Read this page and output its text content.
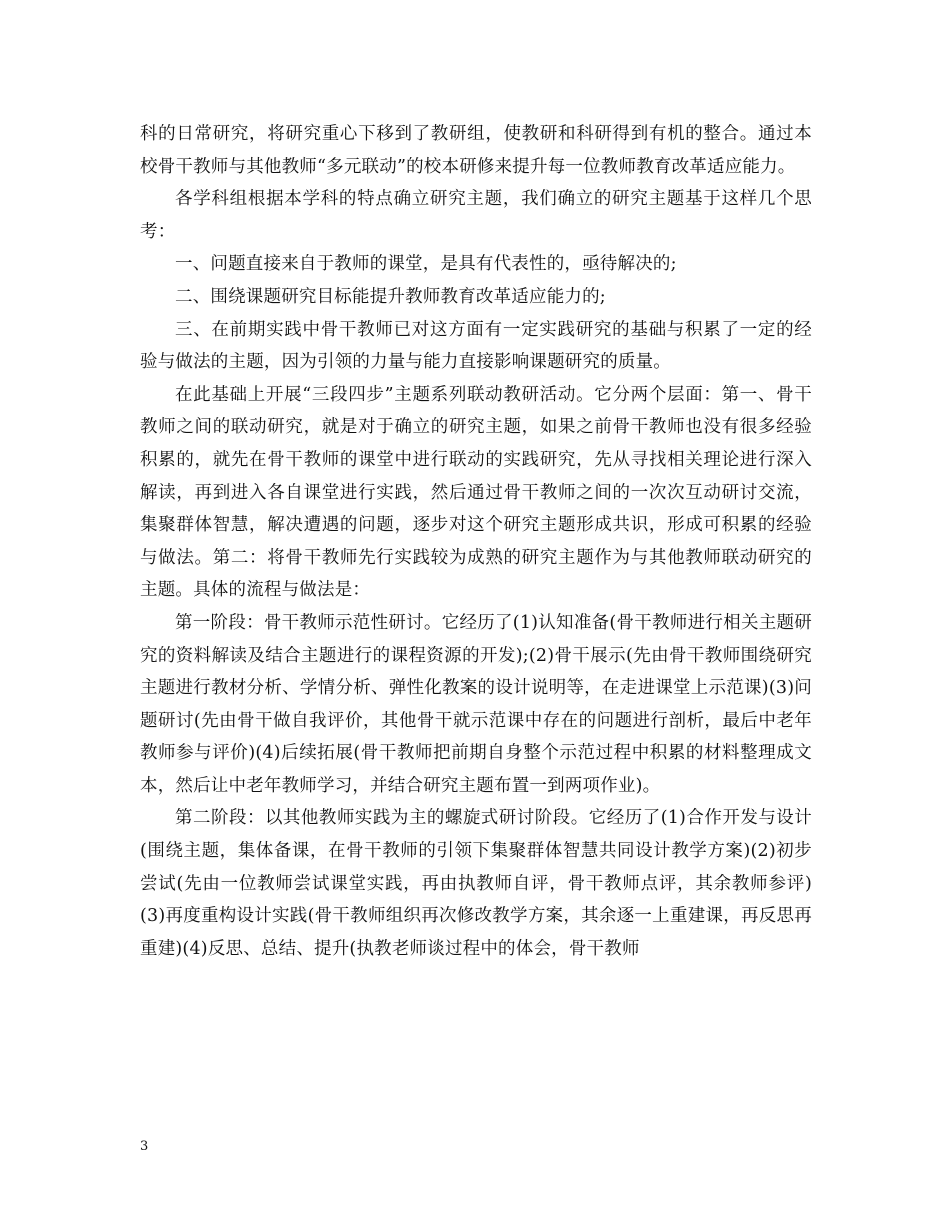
科的日常研究，将研究重心下移到了教研组，使教研和科研得到有机的整合。通过本校骨干教师与其他教师“多元联动”的校本研修来提升每一位教师教育改革适应能力。

各学科组根据本学科的特点确立研究主题，我们确立的研究主题基于这样几个思考：

一、问题直接来自于教师的课堂，是具有代表性的，亟待解决的;

二、围绕课题研究目标能提升教师教育改革适应能力的;

三、在前期实践中骨干教师已对这方面有一定实践研究的基础与积累了一定的经验与做法的主题，因为引领的力量与能力直接影响课题研究的质量。

在此基础上开展“三段四步”主题系列联动教研活动。它分两个层面：第一、骨干教师之间的联动研究，就是对于确立的研究主题，如果之前骨干教师也没有很多经验积累的，就先在骨干教师的课堂中进行联动的实践研究，先从寻找相关理论进行深入解读，再到进入各自课堂进行实践，然后通过骨干教师之间的一次次互动研讨交流，集聚群体智慧，解决遭遇的问题，逐步对这个研究主题形成共识，形成可积累的经验与做法。第二：将骨干教师先行实践较为成熟的研究主题作为与其他教师联动研究的主题。具体的流程与做法是：

第一阶段：骨干教师示范性研讨。它经历了(1)认知准备(骨干教师进行相关主题研究的资料解读及结合主题进行的课程资源的开发);(2)骨干展示(先由骨干教师围绕研究主题进行教材分析、学情分析、弹性化教案的设计说明等，在走进课堂上示范课)(3)问题研讨(先由骨干做自我评价，其他骨干就示范课中存在的问题进行剖析，最后中老年教师参与评价)(4)后续拓展(骨干教师把前期自身整个示范过程中积累的材料整理成文本，然后让中老年教师学习，并结合研究主题布置一到两项作业)。

第二阶段：以其他教师实践为主的螺旋式研讨阶段。它经历了(1)合作开发与设计(围绕主题，集体备课，在骨干教师的引领下集聚群体智慧共同设计教学方案)(2)初步尝试(先由一位教师尝试课堂实践，再由执教师自评，骨干教师点评，其余教师参评)(3)再度重构设计实践(骨干教师组织再次修改教学方案，其余逐一上重建课，再反思再重建)(4)反思、总结、提升(执教老师谈过程中的体会，骨干教师

3
